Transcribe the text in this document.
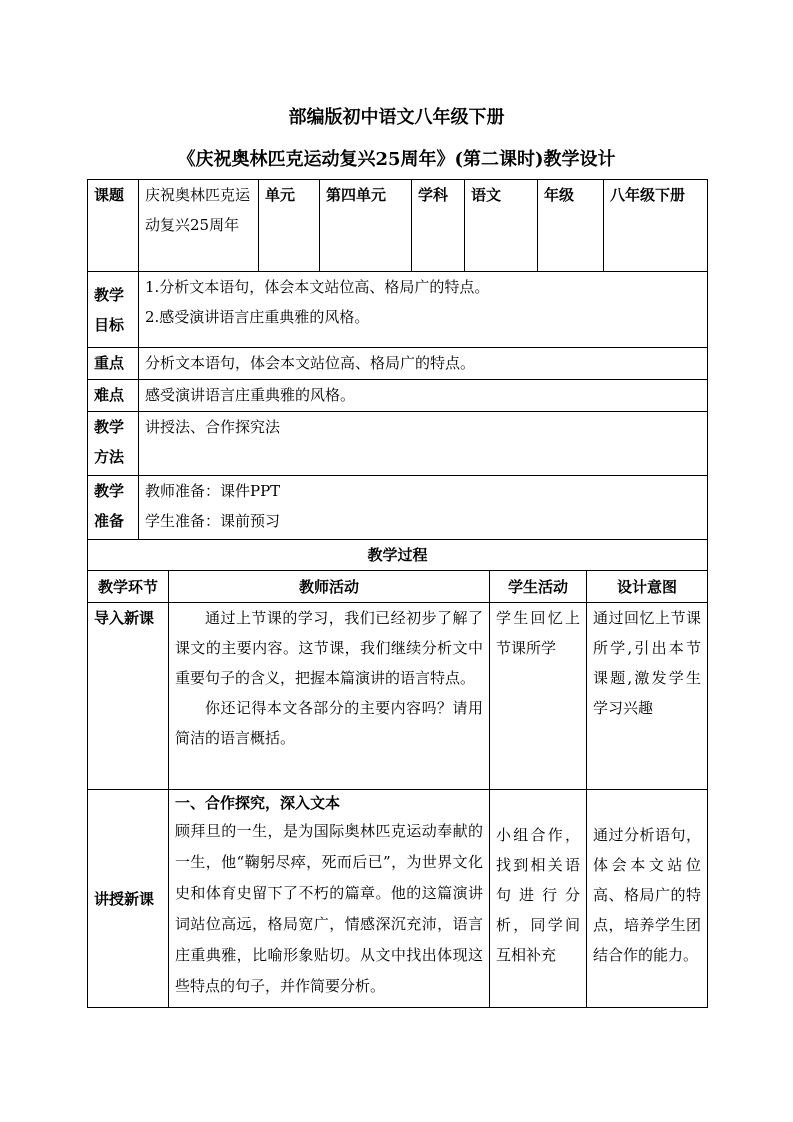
部编版初中语文八年级下册
《庆祝奥林匹克运动复兴25周年》(第二课时)教学设计
课题	庆祝奥林匹克运动复兴25周年	单元	第四单元	学科	语文	年级	八年级下册
教学目标	1.分析文本语句，体会本文站位高、格局广的特点。

2.感受演讲语言庄重典雅的风格。						

重点	分析文本语句，体会本文站位高、格局广的特点。						
难点	感受演讲语言庄重典雅的风格。						
教学方法	讲授法、合作探究法						
教学准备	教师准备：课件PPT

学生准备：课前预习						

教学过程			
教学环节	教师活动	学生活动	设计意图
导入新课	通过上节课的学习，我们已经初步了解了课文的主要内容。这节课，我们继续分析文中重要句子的含义，把握本篇演讲的语言特点。

你还记得本文各部分的主要内容吗？请用简洁的语言概括。	学生回忆上节课所学	通过回忆上节课所学,引出本节课题,激发学生学习兴趣
讲授新课	一、合作探究，深入文本

顾拜旦的一生，是为国际奥林匹克运动奉献的一生，他“鞠躬尽瘁，死而后已”，为世界文化史和体育史留下了不朽的篇章。他的这篇演讲词站位高远，格局宽广，情感深沉充沛，语言庄重典雅，比喻形象贴切。从文中找出体现这些特点的句子，并作简要分析。	小组合作，找到相关语句进行分析，同学间互相补充	通过分析语句，体会本文站位高、格局广的特点，培养学生团结合作的能力。
